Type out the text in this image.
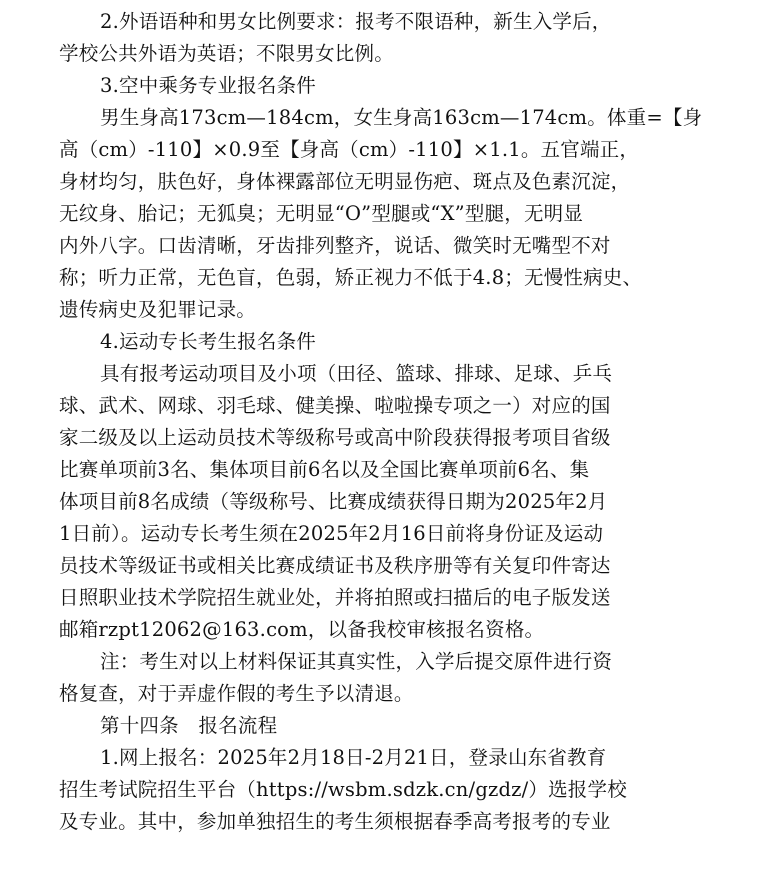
2.外语语种和男女比例要求：报考不限语种，新生入学后，
学校公共外语为英语；不限男女比例。
3.空中乘务专业报名条件
男生身高173cm—184cm，女生身高163cm—174cm。体重=【身
高（cm）-110】×0.9至【身高（cm）-110】×1.1。五官端正，
身材均匀，肤色好，身体裸露部位无明显伤疤、斑点及色素沉淀，
无纹身、胎记；无狐臭；无明显“O”型腿或“X”型腿，无明显
内外八字。口齿清晰，牙齿排列整齐，说话、微笑时无嘴型不对
称；听力正常，无色盲，色弱，矫正视力不低于4.8；无慢性病史、
遗传病史及犯罪记录。
4.运动专长考生报名条件
具有报考运动项目及小项（田径、篮球、排球、足球、乒乓
球、武术、网球、羽毛球、健美操、啦啦操专项之一）对应的国
家二级及以上运动员技术等级称号或高中阶段获得报考项目省级
比赛单项前3名、集体项目前6名以及全国比赛单项前6名、集
体项目前8名成绩（等级称号、比赛成绩获得日期为2025年2月
1日前）。运动专长考生须在2025年2月16日前将身份证及运动
员技术等级证书或相关比赛成绩证书及秩序册等有关复印件寄达
日照职业技术学院招生就业处，并将拍照或扫描后的电子版发送
邮箱rzpt12062@163.com，以备我校审核报名资格。
注：考生对以上材料保证其真实性，入学后提交原件进行资
格复查，对于弄虚作假的考生予以清退。
第十四条　报名流程
1.网上报名：2025年2月18日-2月21日，登录山东省教育
招生考试院招生平台（https://wsbm.sdzk.cn/gzdz/）选报学校
及专业。其中，参加单独招生的考生须根据春季高考报考的专业
